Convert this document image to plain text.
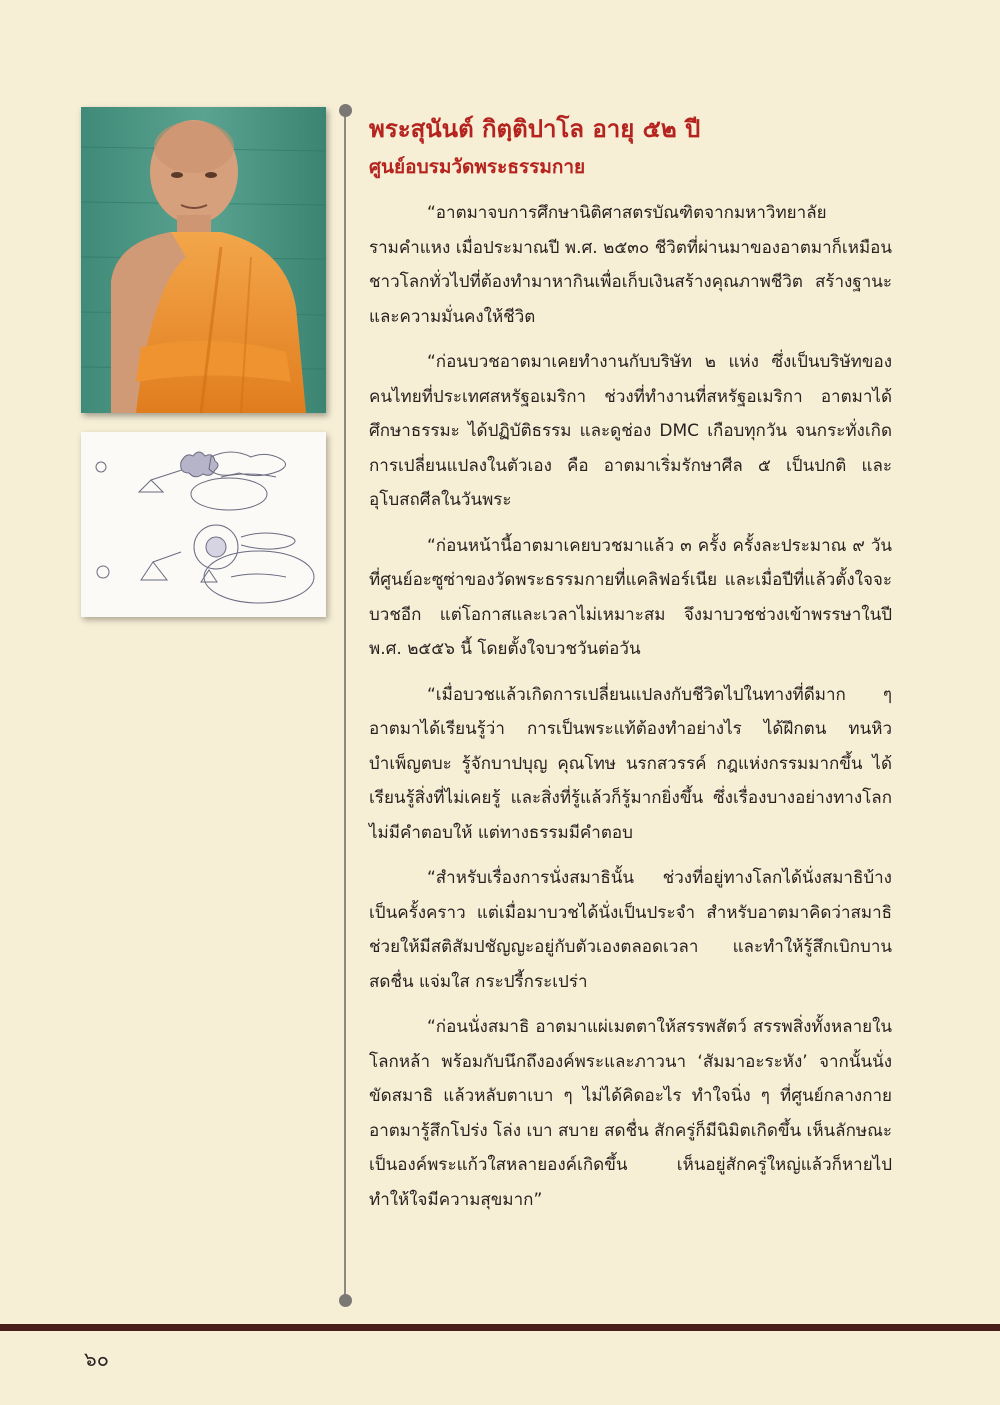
พระสุนันต์ กิตฺติปาโล อายุ ๕๒ ปี
ศูนย์อบรมวัดพระธรรมกาย

“อาตมาจบการศึกษานิติศาสตรบัณฑิตจากมหาวิทยาลัยรามคำแหง เมื่อประมาณปี พ.ศ. ๒๕๓๐ ชีวิตที่ผ่านมาของอาตมาก็เหมือนชาวโลกทั่วไปที่ต้องทำมาหากินเพื่อเก็บเงินสร้างคุณภาพชีวิต สร้างฐานะและความมั่นคงให้ชีวิต

“ก่อนบวชอาตมาเคยทำงานกับบริษัท ๒ แห่ง ซึ่งเป็นบริษัทของคนไทยที่ประเทศสหรัฐอเมริกา ช่วงที่ทำงานที่สหรัฐอเมริกา อาตมาได้ศึกษาธรรมะ ได้ปฏิบัติธรรม และดูช่อง DMC เกือบทุกวัน จนกระทั่งเกิดการเปลี่ยนแปลงในตัวเอง คือ อาตมาเริ่มรักษาศีล ๕ เป็นปกติ และอุโบสถศีลในวันพระ

“ก่อนหน้านี้อาตมาเคยบวชมาแล้ว ๓ ครั้ง ครั้งละประมาณ ๙ วัน ที่ศูนย์อะซูซ่าของวัดพระธรรมกายที่แคลิฟอร์เนีย และเมื่อปีที่แล้วตั้งใจจะบวชอีก แต่โอกาสและเวลาไม่เหมาะสม จึงมาบวชช่วงเข้าพรรษาในปี พ.ศ. ๒๕๕๖ นี้ โดยตั้งใจบวชวันต่อวัน

“เมื่อบวชแล้วเกิดการเปลี่ยนแปลงกับชีวิตไปในทางที่ดีมาก ๆ อาตมาได้เรียนรู้ว่า การเป็นพระแท้ต้องทำอย่างไร ได้ฝึกตน ทนหิว บำเพ็ญตบะ รู้จักบาปบุญ คุณโทษ นรกสวรรค์ กฎแห่งกรรมมากขึ้น ได้เรียนรู้สิ่งที่ไม่เคยรู้ และสิ่งที่รู้แล้วก็รู้มากยิ่งขึ้น ซึ่งเรื่องบางอย่างทางโลกไม่มีคำตอบให้ แต่ทางธรรมมีคำตอบ

“สำหรับเรื่องการนั่งสมาธินั้น ช่วงที่อยู่ทางโลกได้นั่งสมาธิบ้างเป็นครั้งคราว แต่เมื่อมาบวชได้นั่งเป็นประจำ สำหรับอาตมาคิดว่าสมาธิช่วยให้มีสติสัมปชัญญะอยู่กับตัวเองตลอดเวลา และทำให้รู้สึกเบิกบาน สดชื่น แจ่มใส กระปรี้กระเปร่า

“ก่อนนั่งสมาธิ อาตมาแผ่เมตตาให้สรรพสัตว์ สรรพสิ่งทั้งหลายในโลกหล้า พร้อมกับนึกถึงองค์พระและภาวนา ‘สัมมาอะระหัง’ จากนั้นนั่งขัดสมาธิ แล้วหลับตาเบา ๆ ไม่ได้คิดอะไร ทำใจนิ่ง ๆ ที่ศูนย์กลางกาย อาตมารู้สึกโปร่ง โล่ง เบา สบาย สดชื่น สักครู่ก็มีนิมิตเกิดขึ้น เห็นลักษณะเป็นองค์พระแก้วใสหลายองค์เกิดขึ้น เห็นอยู่สักครู่ใหญ่แล้วก็หายไป ทำให้ใจมีความสุขมาก”

๖๐
